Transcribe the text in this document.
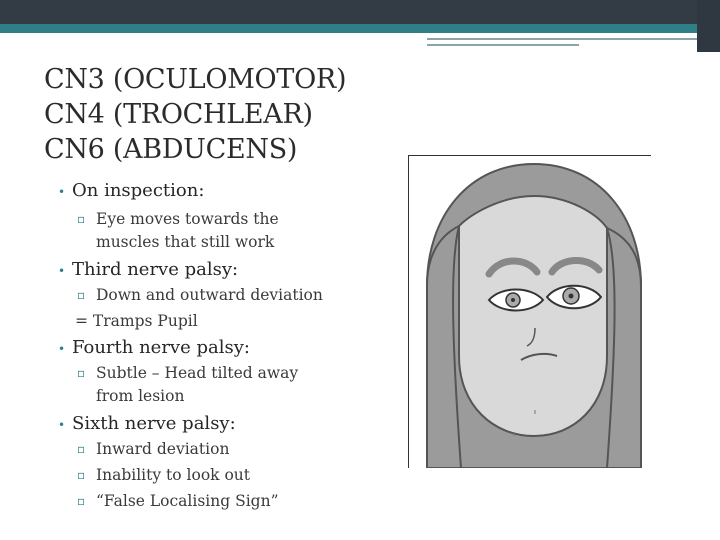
CN3 (OCULOMOTOR)
CN4 (TROCHLEAR)
CN6 (ABDUCENS)
• On inspection:
▫ Eye moves towards the
muscles that still work
• Third nerve palsy:
▫ Down and outward deviation
= Tramps Pupil
• Fourth nerve palsy:
▫ Subtle – Head tilted away
from lesion
• Sixth nerve palsy:
▫ Inward deviation
▫ Inability to look out
▫ “False Localising Sign”
